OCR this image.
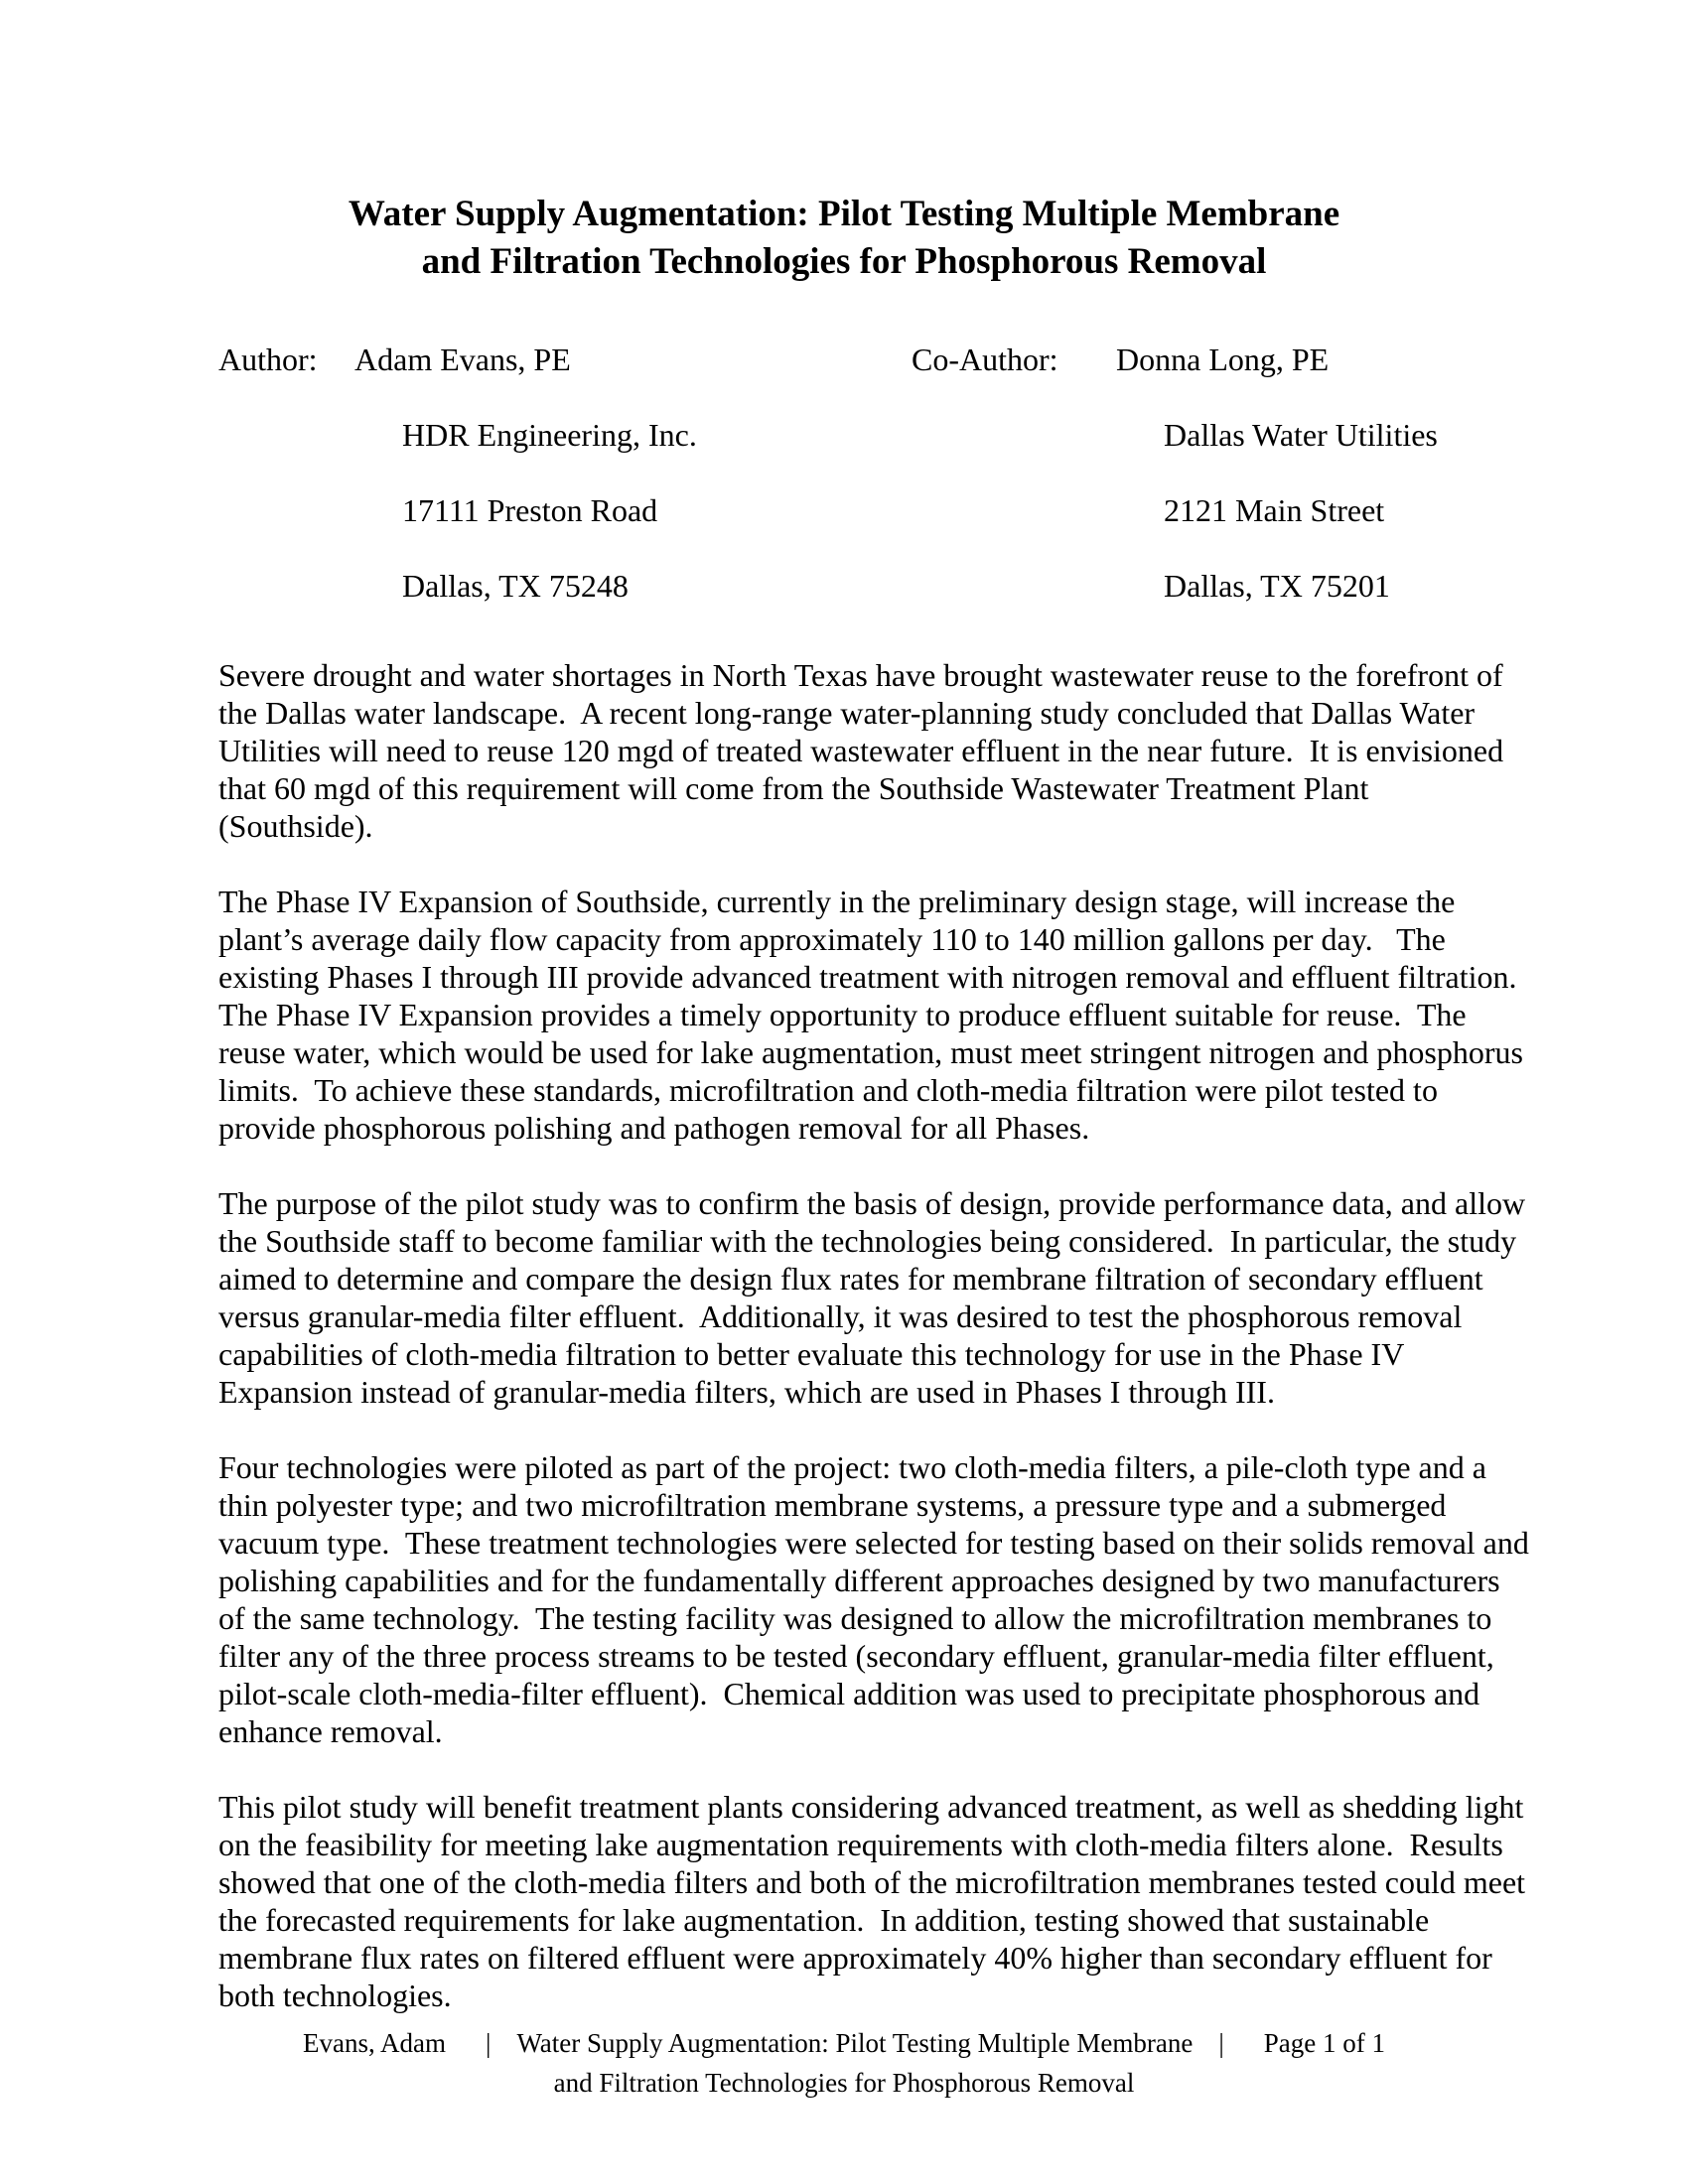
Water Supply Augmentation: Pilot Testing Multiple Membrane
and Filtration Technologies for Phosphorous Removal
Author:	Adam Evans, PE

HDR Engineering, Inc.

17111 Preston Road

Dallas, TX 75248

Co-Author:	Donna Long, PE

Dallas Water Utilities

2121 Main Street

Dallas, TX 75201

Severe drought and water shortages in North Texas have brought wastewater reuse to the forefront of the Dallas water landscape.  A recent long-range water-planning study concluded that Dallas Water Utilities will need to reuse 120 mgd of treated wastewater effluent in the near future.  It is envisioned that 60 mgd of this requirement will come from the Southside Wastewater Treatment Plant (Southside).

The Phase IV Expansion of Southside, currently in the preliminary design stage, will increase the plant’s average daily flow capacity from approximately 110 to 140 million gallons per day.   The existing Phases I through III provide advanced treatment with nitrogen removal and effluent filtration.  The Phase IV Expansion provides a timely opportunity to produce effluent suitable for reuse.  The reuse water, which would be used for lake augmentation, must meet stringent nitrogen and phosphorus limits.  To achieve these standards, microfiltration and cloth-media filtration were pilot tested to provide phosphorous polishing and pathogen removal for all Phases.

The purpose of the pilot study was to confirm the basis of design, provide performance data, and allow the Southside staff to become familiar with the technologies being considered.  In particular, the study aimed to determine and compare the design flux rates for membrane filtration of secondary effluent versus granular-media filter effluent.  Additionally, it was desired to test the phosphorous removal capabilities of cloth-media filtration to better evaluate this technology for use in the Phase IV Expansion instead of granular-media filters, which are used in Phases I through III.

Four technologies were piloted as part of the project: two cloth-media filters, a pile-cloth type and a thin polyester type; and two microfiltration membrane systems, a pressure type and a submerged vacuum type.  These treatment technologies were selected for testing based on their solids removal and polishing capabilities and for the fundamentally different approaches designed by two manufacturers of the same technology.  The testing facility was designed to allow the microfiltration membranes to filter any of the three process streams to be tested (secondary effluent, granular-media filter effluent, pilot-scale cloth-media-filter effluent).  Chemical addition was used to precipitate phosphorous and enhance removal.

This pilot study will benefit treatment plants considering advanced treatment, as well as shedding light on the feasibility for meeting lake augmentation requirements with cloth-media filters alone.  Results showed that one of the cloth-media filters and both of the microfiltration membranes tested could meet the forecasted requirements for lake augmentation.  In addition, testing showed that sustainable membrane flux rates on filtered effluent were approximately 40% higher than secondary effluent for both technologies.

Evans, Adam | Water Supply Augmentation: Pilot Testing Multiple Membrane | Page 1 of 1
and Filtration Technologies for Phosphorous Removal
